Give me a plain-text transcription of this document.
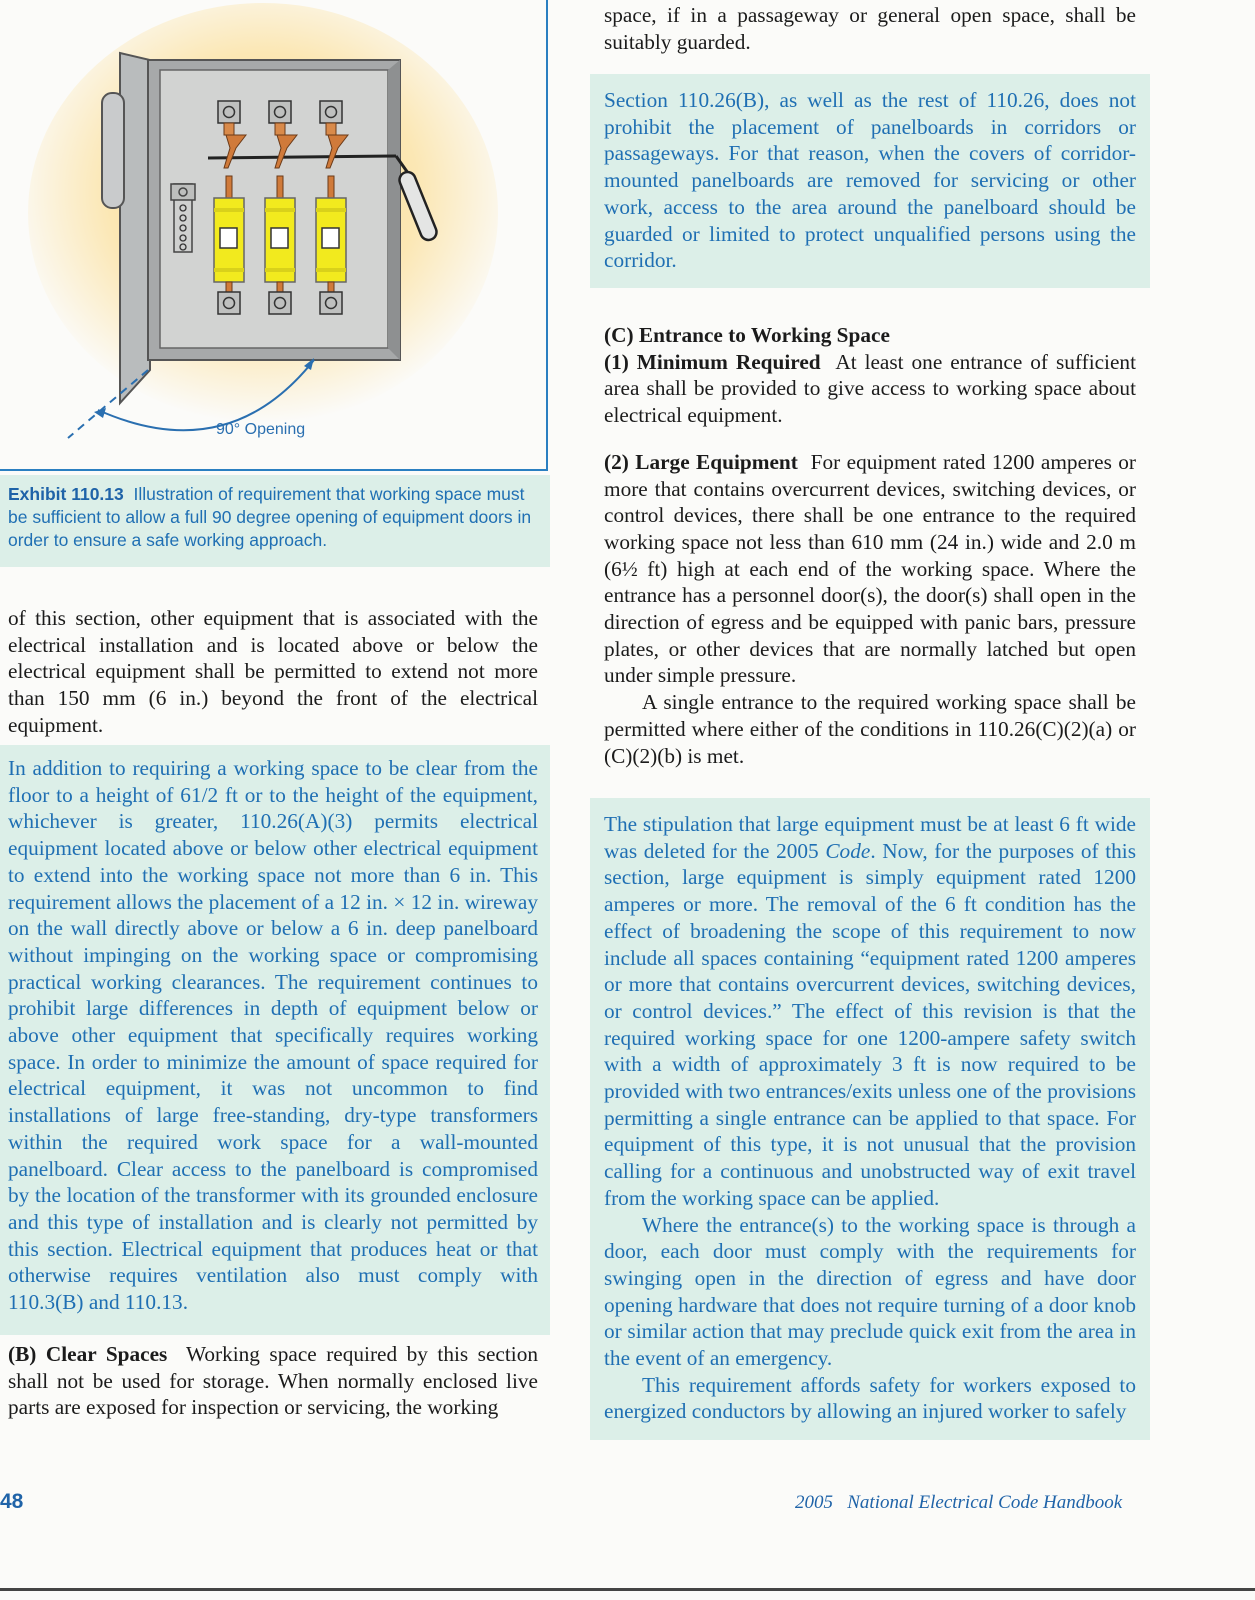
90° Opening
Exhibit 110.13 Illustration of requirement that working space must be sufficient to allow a full 90 degree opening of equipment doors in order to ensure a safe working approach.

of this section, other equipment that is associated with the electrical installation and is located above or below the electrical equipment shall be permitted to extend not more than 150 mm (6 in.) beyond the front of the electrical equipment.

In addition to requiring a working space to be clear from the floor to a height of 61/2 ft or to the height of the equipment, whichever is greater, 110.26(A)(3) permits electrical equipment located above or below other electrical equipment to extend into the working space not more than 6 in. This requirement allows the placement of a 12 in. × 12 in. wireway on the wall directly above or below a 6 in. deep panelboard without impinging on the working space or compromising practical working clearances. The requirement continues to prohibit large differences in depth of equipment below or above other equipment that specifically requires working space. In order to minimize the amount of space required for electrical equipment, it was not uncommon to find installations of large free-standing, dry-type transformers within the required work space for a wall-mounted panelboard. Clear access to the panelboard is compromised by the location of the transformer with its grounded enclosure and this type of installation and is clearly not permitted by this section. Electrical equipment that produces heat or that otherwise requires ventilation also must comply with 110.3(B) and 110.13.

(B) Clear Spaces Working space required by this section shall not be used for storage. When normally enclosed live parts are exposed for inspection or servicing, the working

space, if in a passageway or general open space, shall be suitably guarded.

Section 110.26(B), as well as the rest of 110.26, does not prohibit the placement of panelboards in corridors or passageways. For that reason, when the covers of corridor-mounted panelboards are removed for servicing or other work, access to the area around the panelboard should be guarded or limited to protect unqualified persons using the corridor.

(C) Entrance to Working Space

(1) Minimum Required At least one entrance of sufficient area shall be provided to give access to working space about electrical equipment.

(2) Large Equipment For equipment rated 1200 amperes or more that contains overcurrent devices, switching devices, or control devices, there shall be one entrance to the required working space not less than 610 mm (24 in.) wide and 2.0 m (6½ ft) high at each end of the working space. Where the entrance has a personnel door(s), the door(s) shall open in the direction of egress and be equipped with panic bars, pressure plates, or other devices that are normally latched but open under simple pressure.

A single entrance to the required working space shall be permitted where either of the conditions in 110.26(C)(2)(a) or (C)(2)(b) is met.

The stipulation that large equipment must be at least 6 ft wide was deleted for the 2005 Code. Now, for the purposes of this section, large equipment is simply equipment rated 1200 amperes or more. The removal of the 6 ft condition has the effect of broadening the scope of this requirement to now include all spaces containing “equipment rated 1200 amperes or more that contains overcurrent devices, switching devices, or control devices.” The effect of this revision is that the required working space for one 1200-ampere safety switch with a width of approximately 3 ft is now required to be provided with two entrances/exits unless one of the provisions permitting a single entrance can be applied to that space. For equipment of this type, it is not unusual that the provision calling for a continuous and unobstructed way of exit travel from the working space can be applied.

Where the entrance(s) to the working space is through a door, each door must comply with the requirements for swinging open in the direction of egress and have door opening hardware that does not require turning of a door knob or similar action that may preclude quick exit from the area in the event of an emergency.

This requirement affords safety for workers exposed to energized conductors by allowing an injured worker to safely

48	2005 National Electrical Code Handbook
